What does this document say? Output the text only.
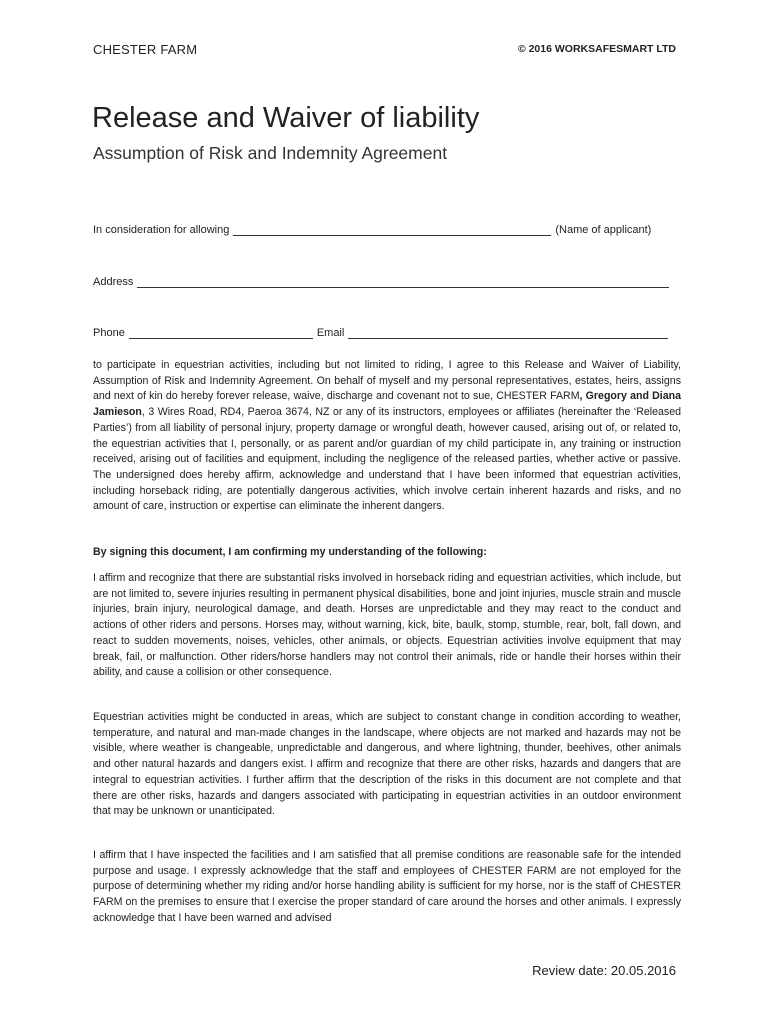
CHESTER FARM	© 2016 WORKSAFESMART LTD
Release and Waiver of liability
Assumption of Risk and Indemnity Agreement
In consideration for allowing	(Name of applicant)
Address
Phone	Email

to participate in equestrian activities, including but not limited to riding, I agree to this Release and Waiver of Liability, Assumption of Risk and Indemnity Agreement. On behalf of myself and my personal representatives, estates, heirs, assigns and next of kin do hereby forever release, waive, discharge and covenant not to sue, CHESTER FARM, Gregory and Diana Jamieson, 3 Wires Road, RD4, Paeroa 3674, NZ or any of its instructors, employees or affiliates (hereinafter the ‘Released Parties’) from all liability of personal injury, property damage or wrongful death, however caused, arising out of, or related to, the equestrian activities that I, personally, or as parent and/or guardian of my child participate in, any training or instruction received, arising out of facilities and equipment, including the negligence of the released parties, whether active or passive. The undersigned does hereby affirm, acknowledge and understand that I have been informed that equestrian activities, including horseback riding, are potentially dangerous activities, which involve certain inherent hazards and risks, and no amount of care, instruction or expertise can eliminate the inherent dangers.

By signing this document, I am confirming my understanding of the following:
I affirm and recognize that there are substantial risks involved in horseback riding and equestrian activities, which include, but are not limited to, severe injuries resulting in permanent physical disabilities, bone and joint injuries, muscle strain and muscle injuries, brain injury, neurological damage, and death. Horses are unpredictable and they may react to the conduct and actions of other riders and persons. Horses may, without warning, kick, bite, baulk, stomp, stumble, rear, bolt, fall down, and react to sudden movements, noises, vehicles, other animals, or objects. Equestrian activities involve equipment that may break, fail, or malfunction. Other riders/horse handlers may not control their animals, ride or handle their horses within their ability, and cause a collision or other consequence.
Equestrian activities might be conducted in areas, which are subject to constant change in condition according to weather, temperature, and natural and man-made changes in the landscape, where objects are not marked and hazards may not be visible, where weather is changeable, unpredictable and dangerous, and where lightning, thunder, beehives, other animals and other natural hazards and dangers exist. I affirm and recognize that there are other risks, hazards and dangers that are integral to equestrian activities. I further affirm that the description of the risks in this document are not complete and that there are other risks, hazards and dangers associated with participating in equestrian activities in an outdoor environment that may be unknown or unanticipated.
I affirm that I have inspected the facilities and I am satisfied that all premise conditions are reasonable safe for the intended purpose and usage. I expressly acknowledge that the staff and employees of CHESTER FARM are not employed for the purpose of determining whether my riding and/or horse handling ability is sufficient for my horse, nor is the staff of CHESTER FARM on the premises to ensure that I exercise the proper standard of care around the horses and other animals. I expressly acknowledge that I have been warned and advised
Review date: 20.05.2016
